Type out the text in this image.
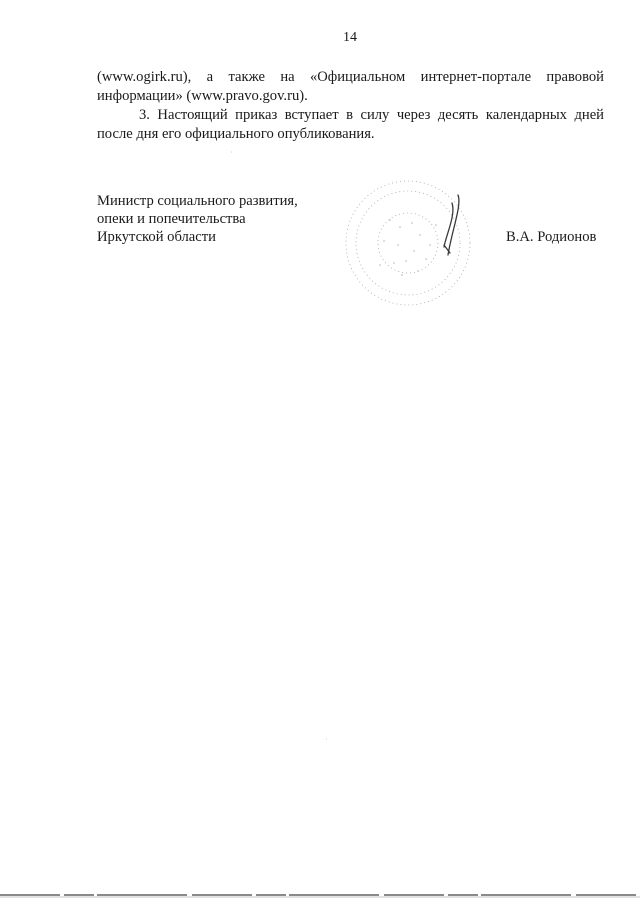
14
(www.ogirk.ru), а также на «Официальном интернет-портале правовой
информации» (www.pravo.gov.ru).
3. Настоящий приказ вступает в силу через десять календарных дней
после дня его официального опубликования.
Министр социального развития,
опеки и попечительства
Иркутской области	В.А. Родионов
·
·
